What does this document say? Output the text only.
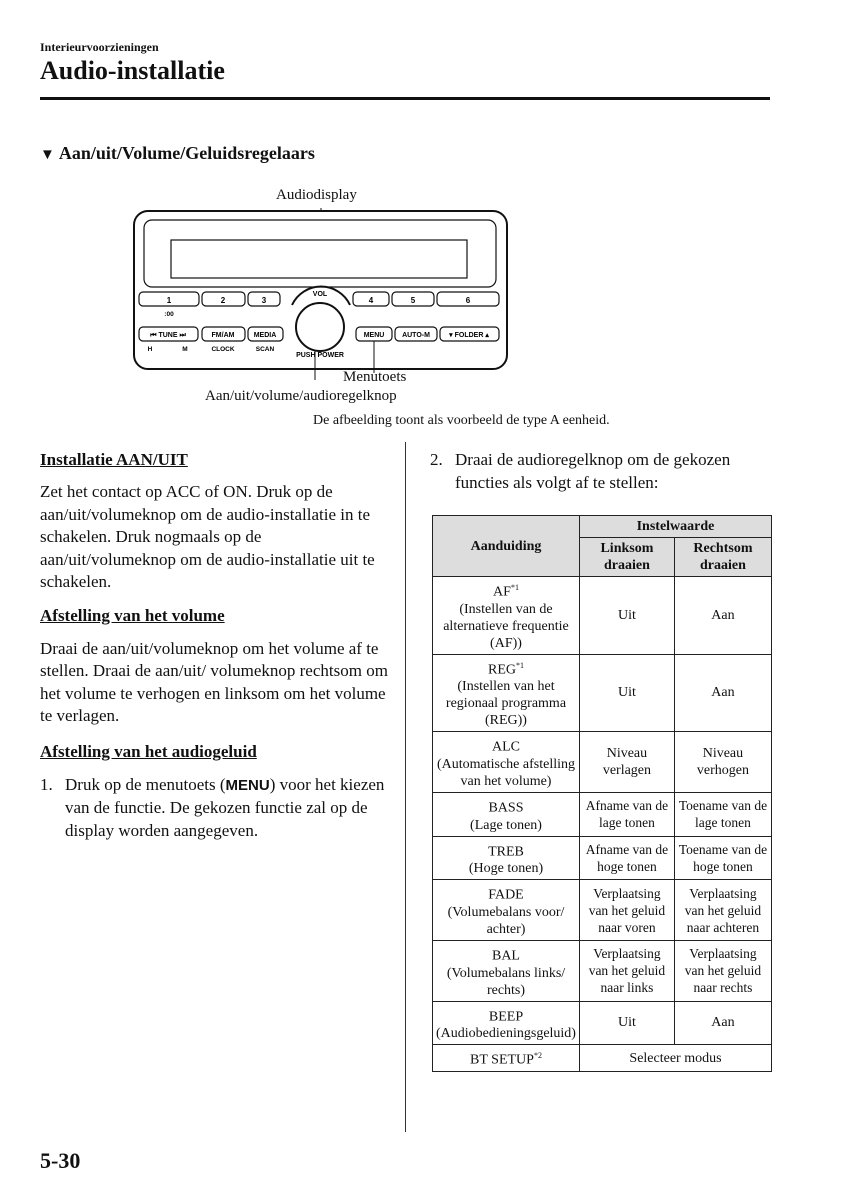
Interieurvoorzieningen
Audio-installatie
▼ Aan/uit/Volume/Geluidsregelaars
Audiodisplay
1	2	3	4	5	6
:00
VOL
PUSH POWER
⏮ TUNE ⏭	FM/AM	MEDIA	MENU	AUTO-M	▾ FOLDER ▴
H	M	CLOCK	SCAN
Menutoets
Aan/uit/volume/audioregelknop
De afbeelding toont als voorbeeld de type A eenheid.
Installatie AAN/UIT
Zet het contact op ACC of ON. Druk op de aan/uit/volumeknop om de audio-installatie in te schakelen. Druk nogmaals op de aan/uit/volumeknop om de audio-installatie uit te schakelen.
Afstelling van het volume
Draai de aan/uit/volumeknop om het volume af te stellen. Draai de aan/uit/ volumeknop rechtsom om het volume te verhogen en linksom om het volume te verlagen.
Afstelling van het audiogeluid
1. Druk op de menutoets (MENU) voor het kiezen van de functie. De gekozen functie zal op de display worden aangegeven.
2. Draai de audioregelknop om de gekozen functies als volgt af te stellen:
Aanduiding	Instelwaarde	
	Linksom draaien	Rechtsom draaien
AF$^{*1}$
(Instellen van de alternatieve frequentie (AF))	Uit	Aan
REG$^{*1}$
(Instellen van het regionaal programma (REG))	Uit	Aan
ALC
(Automatische afstelling van het volume)	Niveau verlagen	Niveau verhogen
BASS
(Lage tonen)	Afname van de lage tonen	Toename van de lage tonen
TREB
(Hoge tonen)	Afname van de hoge tonen	Toename van de hoge tonen
FADE
(Volumebalans voor/ achter)	Verplaatsing van het geluid naar voren	Verplaatsing van het geluid naar achteren
BAL
(Volumebalans links/ rechts)	Verplaatsing van het geluid naar links	Verplaatsing van het geluid naar rechts
BEEP
(Audiobedieningsgeluid)	Uit	Aan
BT SETUP$^{*2}$	Selecteer modus	
5-30
